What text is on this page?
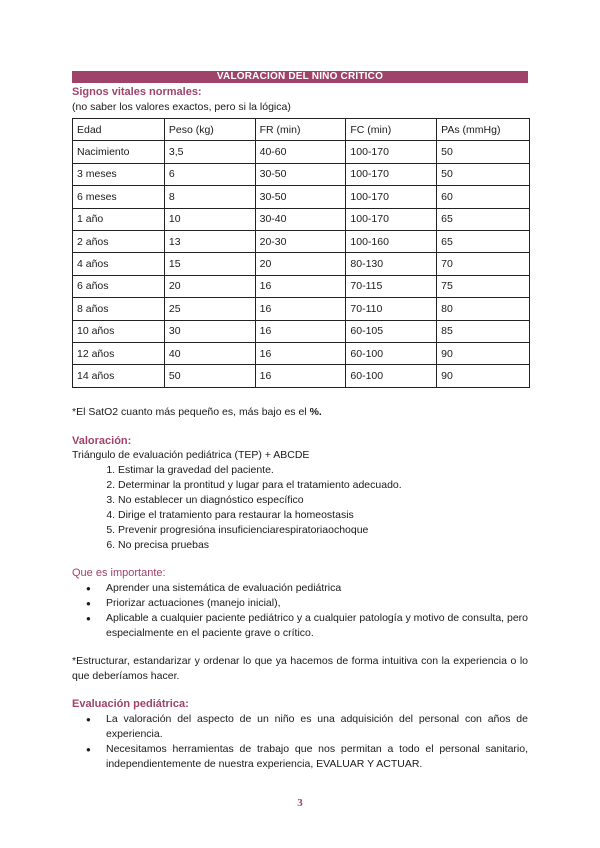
VALORACIÓN DEL NIÑO CRÍTICO
Signos vitales normales:
(no saber los valores exactos, pero si la lógica)
Edad	Peso (kg)	FR (min)	FC (min)	PAs (mmHg)
Nacimiento	3,5	40-60	100-170	50
3 meses	6	30-50	100-170	50
6 meses	8	30-50	100-170	60
1 año	10	30-40	100-170	65
2 años	13	20-30	100-160	65
4 años	15	20	80-130	70
6 años	20	16	70-115	75
8 años	25	16	70-110	80
10 años	30	16	60-105	85
12 años	40	16	60-100	90
14 años	50	16	60-100	90
*El SatO2 cuanto más pequeño es, más bajo es el %.
Valoración:
Triángulo de evaluación pediátrica (TEP) + ABCDE
1. Estimar la gravedad del paciente.
2. Determinar la prontitud y lugar para el tratamiento adecuado.
3. No establecer un diagnóstico específico
4. Dirige el tratamiento para restaurar la homeostasis
5. Prevenir progresióna insuficienciarespiratoriaochoque
6. No precisa pruebas
Que es importante:
● Aprender una sistemática de evaluación pediátrica
● Priorizar actuaciones (manejo inicial),
● Aplicable a cualquier paciente pediátrico y a cualquier patología y motivo de consulta, pero especialmente en el paciente grave o crítico.
*Estructurar, estandarizar y ordenar lo que ya hacemos de forma intuitiva con la experiencia o lo que deberíamos hacer.
Evaluación pediátrica:
● La valoración del aspecto de un niño es una adquisición del personal con años de experiencia.
● Necesitamos herramientas de trabajo que nos permitan a todo el personal sanitario, independientemente de nuestra experiencia, EVALUAR Y ACTUAR.
3
